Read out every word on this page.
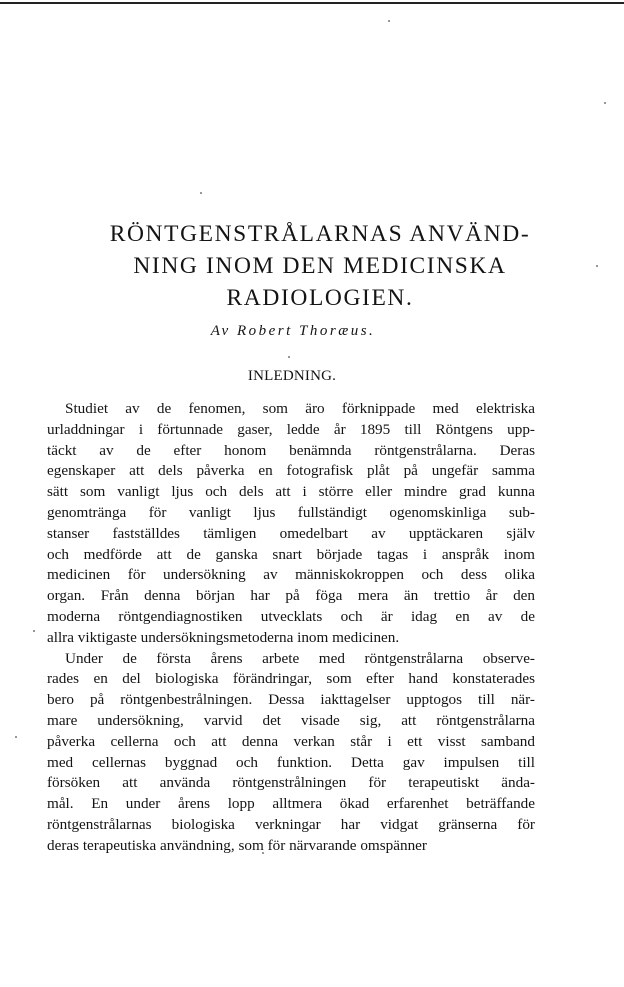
RÖNTGENSTRÅLARNAS ANVÄND-
NING INOM DEN MEDICINSKA
RADIOLOGIEN.
Av Robert Thoræus.
INLEDNING.
Studiet av de fenomen, som äro förknippade med elektriska
urladdningar i förtunnade gaser, ledde år 1895 till Röntgens upp-
täckt av de efter honom benämnda röntgenstrålarna. Deras
egenskaper att dels påverka en fotografisk plåt på ungefär samma
sätt som vanligt ljus och dels att i större eller mindre grad kunna
genomtränga för vanligt ljus fullständigt ogenomskinliga sub-
stanser fastställdes tämligen omedelbart av upptäckaren själv
och medförde att de ganska snart började tagas i anspråk inom
medicinen för undersökning av människokroppen och dess olika
organ. Från denna början har på föga mera än trettio år den
moderna röntgendiagnostiken utvecklats och är idag en av de
allra viktigaste undersökningsmetoderna inom medicinen.
Under de första årens arbete med röntgenstrålarna observe-
rades en del biologiska förändringar, som efter hand konstaterades
bero på röntgenbestrålningen. Dessa iakttagelser upptogos till när-
mare undersökning, varvid det visade sig, att röntgenstrålarna
påverka cellerna och att denna verkan står i ett visst samband
med cellernas byggnad och funktion. Detta gav impulsen till
försöken att använda röntgenstrålningen för terapeutiskt ända-
mål. En under årens lopp alltmera ökad erfarenhet beträffande
röntgenstrålarnas biologiska verkningar har vidgat gränserna för
deras terapeutiska användning, som för närvarande omspänner
